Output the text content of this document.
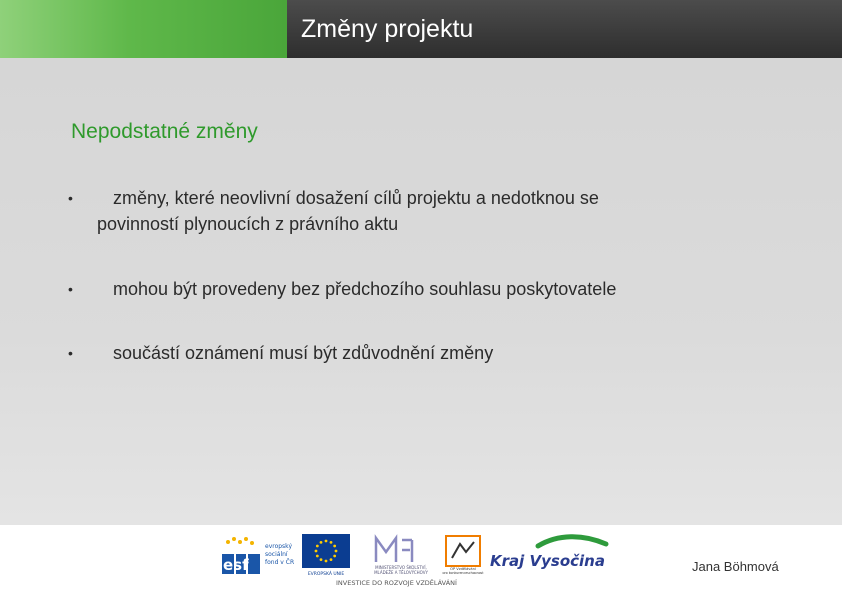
Změny projektu
Nepodstatné změny
• změny, které neovlivní dosažení cílů projektu a nedotknou se
povinností plynoucích z právního aktu
• mohou být provedeny bez předchozího souhlasu poskytovatele
• součástí oznámení musí být zdůvodnění změny
esf
evropský
sociální
fond v ČR
EVROPSKÁ UNIE
MINISTERSTVO ŠKOLSTVÍ,
MLÁDEŽE A TĚLOVÝCHOVY
OP Vzdělávání
pro konkurenceschopnost
Kraj Vysočina
INVESTICE DO ROZVOJE VZDĚLÁVÁNÍ
Jana Böhmová
